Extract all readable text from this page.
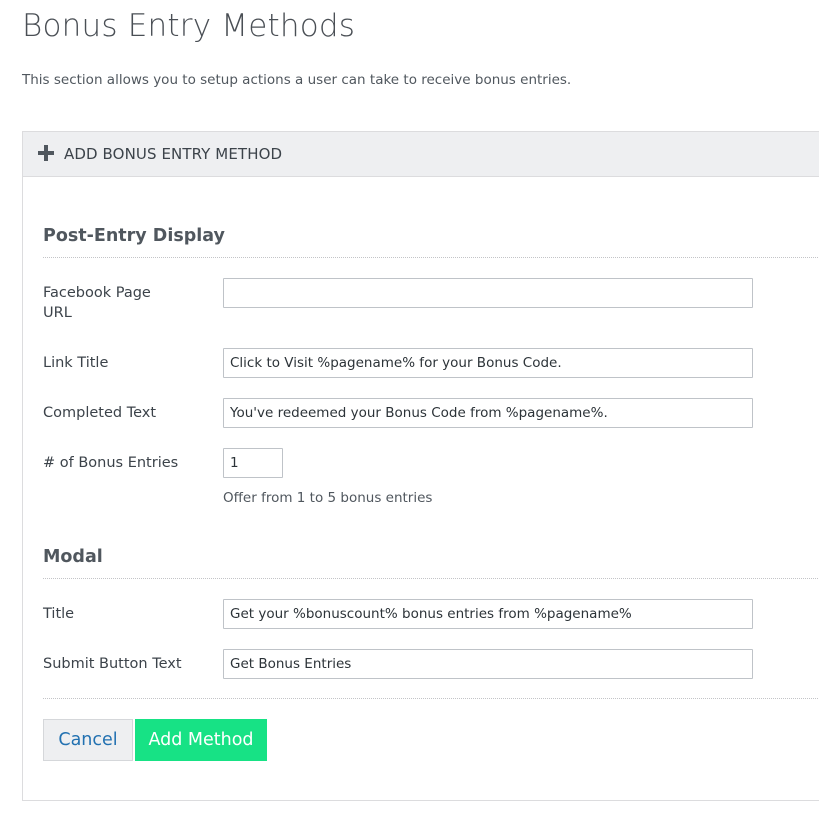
Bonus Entry Methods

This section allows you to setup actions a user can take to receive bonus entries.

ADD BONUS ENTRY METHOD
Post-Entry Display
Facebook Page URL
Link Title
Click to Visit %pagename% for your Bonus Code.
Completed Text
You've redeemed your Bonus Code from %pagename%.
# of Bonus Entries
1
Offer from 1 to 5 bonus entries
Modal
Title
Get your %bonuscount% bonus entries from %pagename%
Submit Button Text
Get Bonus Entries
Cancel	Add Method
